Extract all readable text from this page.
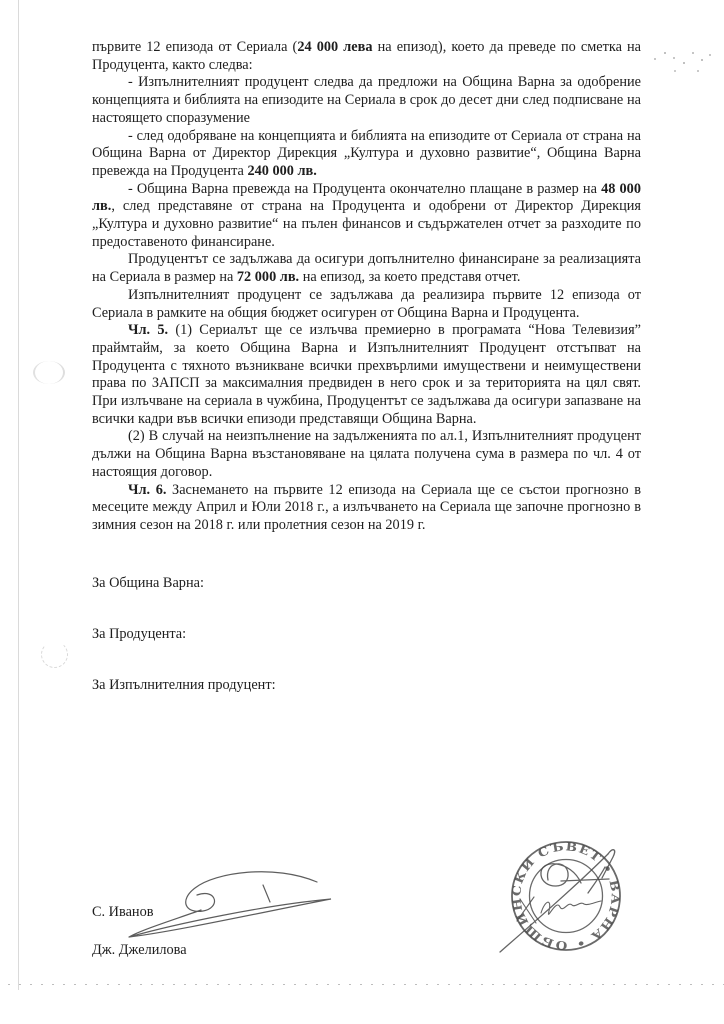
първите 12 епизода от Сериала (24 000 лева на епизод), което да преведе по сметка на Продуцента, както следва:

- Изпълнителният продуцент следва да предложи на Община Варна за одобрение концепцията и библията на епизодите на Сериала в срок до десет дни след подписване на настоящето споразумение

- след одобряване на концепцията и библията на епизодите от Сериала от страна на Община Варна от Директор Дирекция „Култура и духовно развитие“, Община Варна превежда на Продуцента 240 000 лв.

- Община Варна превежда на Продуцента окончателно плащане в размер на 48 000 лв., след представяне от страна на Продуцента и одобрени от Директор Дирекция „Култура и духовно развитие“ на пълен финансов и съдържателен отчет за разходите по предоставеното финансиране.

Продуцентът се задължава да осигури допълнително финансиране за реализацията на Сериала в размер на 72 000 лв. на епизод, за което представя отчет.

Изпълнителният продуцент се задължава да реализира първите 12 епизода от Сериала в рамките на общия бюджет осигурен от Община Варна и Продуцента.

Чл. 5. (1) Сериалът ще се излъчва премиерно в програмата “Нова Телевизия” праймтайм, за което Община Варна и Изпълнителният Продуцент отстъпват на Продуцента с тяхното възникване всички прехвърлими имуществени и неимуществени права по ЗАПСП за максималния предвиден в него срок и за територията на цял свят. При излъчване на сериала в чужбина, Продуцентът се задължава да осигури запазване на всички кадри във всички епизоди представящи Община Варна.

(2) В случай на неизпълнение на задълженията по ал.1, Изпълнителният продуцент дължи на Община Варна възстановяване на цялата получена сума в размера по чл. 4 от настоящия договор.

Чл. 6. Заснемането на първите 12 епизода на Сериала ще се състои прогнозно в месеците между Април и Юли 2018 г., а излъчването на Сериала ще започне прогнозно в зимния сезон на 2018 г. или пролетния сезон на 2019 г.

За Община Варна:
За Продуцента:
За Изпълнителния продуцент:
С. Иванов
Дж. Джелилова	ОБЩИНСКИ СЪВЕТ • ВАРНА •
